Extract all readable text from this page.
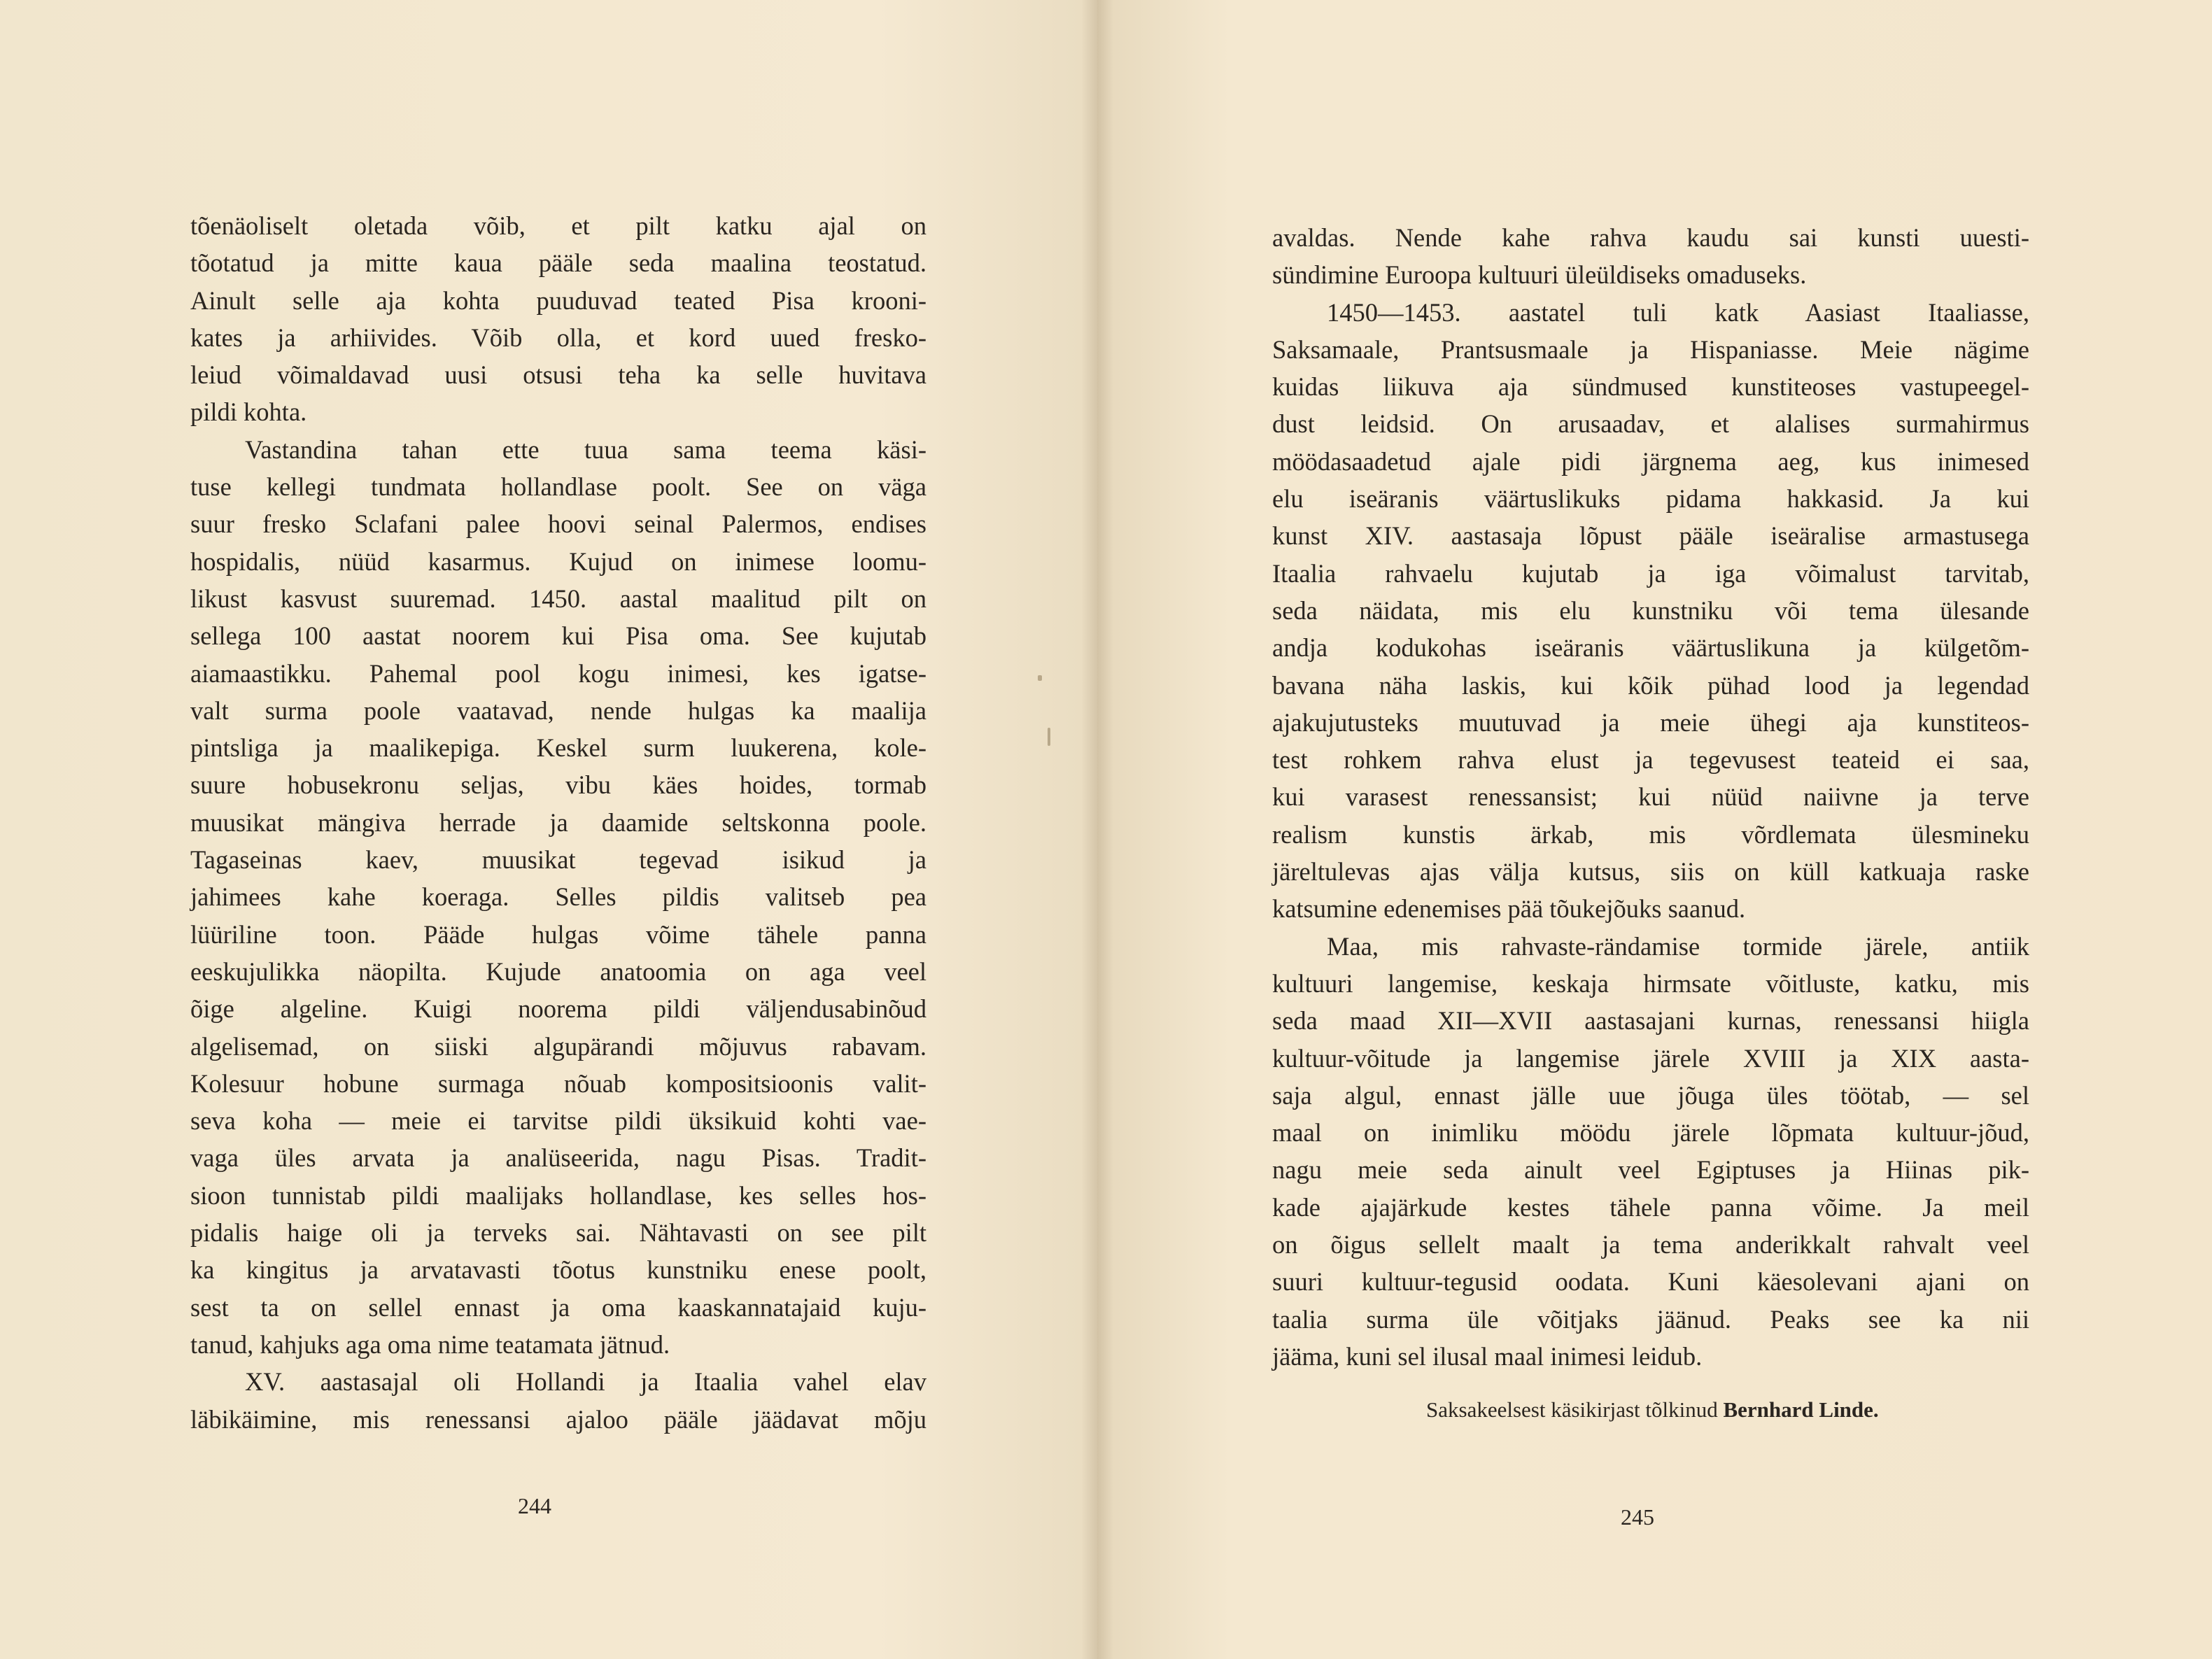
tõenäoliselt oletada võib, et pilt katku ajal on
tõotatud ja mitte kaua pääle seda maalina teostatud.
Ainult selle aja kohta puuduvad teated Pisa krooni-
kates ja arhiivides. Võib olla, et kord uued fresko-
leiud võimaldavad uusi otsusi teha ka selle huvitava
pildi kohta.
Vastandina tahan ette tuua sama teema käsi-
tuse kellegi tundmata hollandlase poolt. See on väga
suur fresko Sclafani palee hoovi seinal Palermos, endises
hospidalis, nüüd kasarmus. Kujud on inimese loomu-
likust kasvust suuremad. 1450. aastal maalitud pilt on
sellega 100 aastat noorem kui Pisa oma. See kujutab
aiamaastikku. Pahemal pool kogu inimesi, kes igatse-
valt surma poole vaatavad, nende hulgas ka maalija
pintsliga ja maalikepiga. Keskel surm luukerena, kole-
suure hobusekronu seljas, vibu käes hoides, tormab
muusikat mängiva herrade ja daamide seltskonna poole.
Tagaseinas kaev, muusikat tegevad isikud ja
jahimees kahe koeraga. Selles pildis valitseb pea
lüüriline toon. Pääde hulgas võime tähele panna
eeskujulikka näopilta. Kujude anatoomia on aga veel
õige algeline. Kuigi noorema pildi väljendusabinõud
algelisemad, on siiski algupärandi mõjuvus rabavam.
Kolesuur hobune surmaga nõuab kompositsioonis valit-
seva koha — meie ei tarvitse pildi üksikuid kohti vae-
vaga üles arvata ja analüseerida, nagu Pisas. Tradit-
sioon tunnistab pildi maalijaks hollandlase, kes selles hos-
pidalis haige oli ja terveks sai. Nähtavasti on see pilt
ka kingitus ja arvatavasti tõotus kunstniku enese poolt,
sest ta on sellel ennast ja oma kaaskannatajaid kuju-
tanud, kahjuks aga oma nime teatamata jätnud.
XV. aastasajal oli Hollandi ja Itaalia vahel elav
läbikäimine, mis renessansi ajaloo pääle jäädavat mõju
avaldas. Nende kahe rahva kaudu sai kunsti uuesti-
sündimine Euroopa kultuuri üleüldiseks omaduseks.
1450—1453. aastatel tuli katk Aasiast Itaaliasse,
Saksamaale, Prantsusmaale ja Hispaniasse. Meie nägime
kuidas liikuva aja sündmused kunstiteoses vastupeegel-
dust leidsid. On arusaadav, et alalises surmahirmus
möödasaadetud ajale pidi järgnema aeg, kus inimesed
elu iseäranis väärtuslikuks pidama hakkasid. Ja kui
kunst XIV. aastasaja lõpust pääle iseäralise armastusega
Itaalia rahvaelu kujutab ja iga võimalust tarvitab,
seda näidata, mis elu kunstniku või tema ülesande
andja kodukohas iseäranis väärtuslikuna ja külgetõm-
bavana näha laskis, kui kõik pühad lood ja legendad
ajakujutusteks muutuvad ja meie ühegi aja kunstiteos-
test rohkem rahva elust ja tegevusest teateid ei saa,
kui varasest renessansist; kui nüüd naiivne ja terve
realism kunstis ärkab, mis võrdlemata ülesmineku
järeltulevas ajas välja kutsus, siis on küll katkuaja raske
katsumine edenemises pää tõukejõuks saanud.
Maa, mis rahvaste-rändamise tormide järele, antiik
kultuuri langemise, keskaja hirmsate võitluste, katku, mis
seda maad XII—XVII aastasajani kurnas, renessansi hiigla
kultuur-võitude ja langemise järele XVIII ja XIX aasta-
saja algul, ennast jälle uue jõuga üles töötab, — sel
maal on inimliku möödu järele lõpmata kultuur-jõud,
nagu meie seda ainult veel Egiptuses ja Hiinas pik-
kade ajajärkude kestes tähele panna võime. Ja meil
on õigus sellelt maalt ja tema anderikkalt rahvalt veel
suuri kultuur-tegusid oodata. Kuni käesolevani ajani on
taalia surma üle võitjaks jäänud. Peaks see ka nii
jääma, kuni sel ilusal maal inimesi leidub.
244	245
Saksakeelsest käsikirjast tõlkinud Bernhard Linde.
